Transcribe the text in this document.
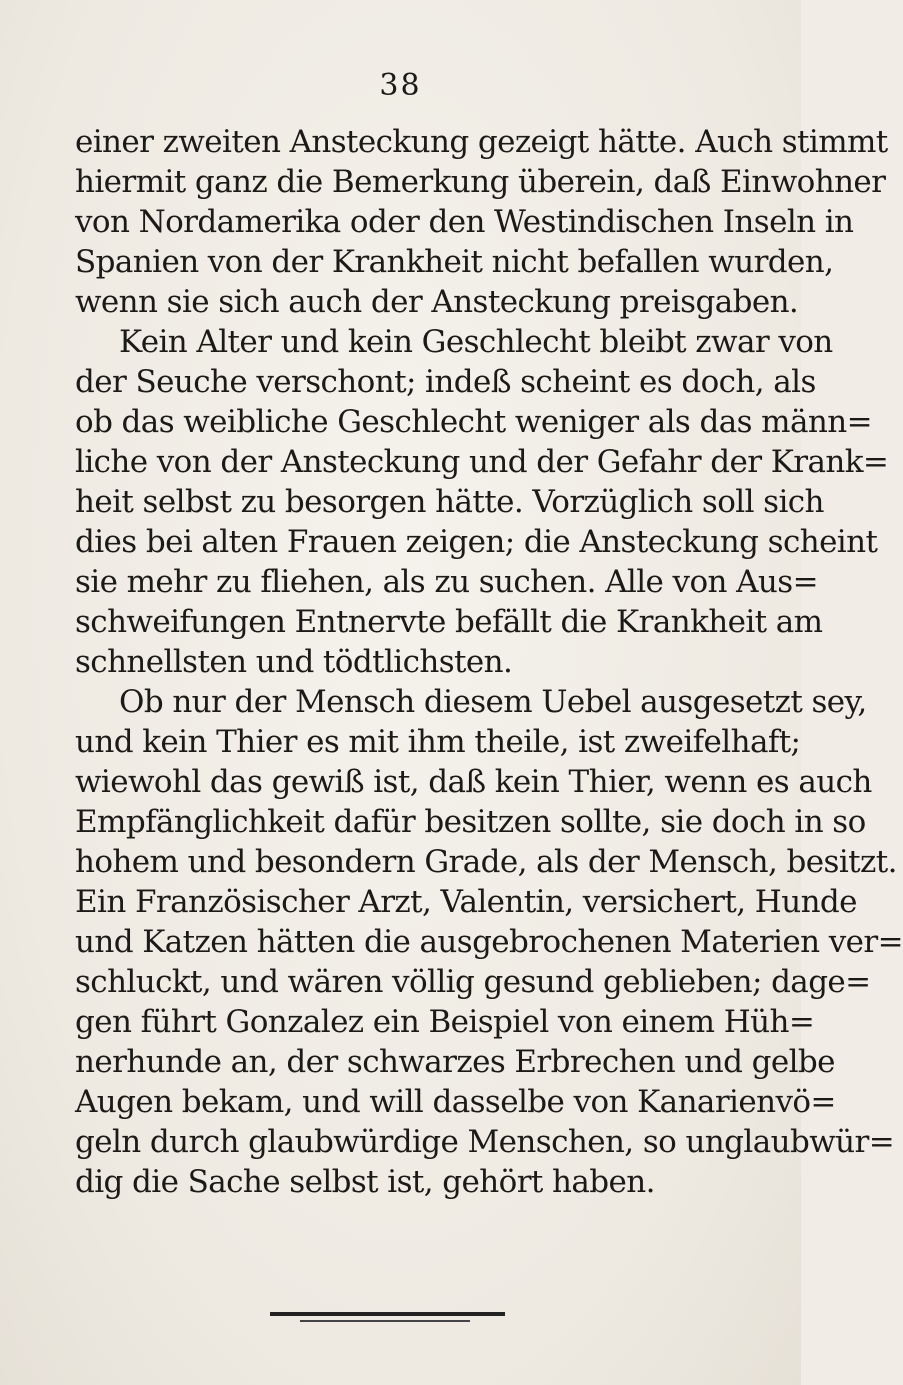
38
einer zweiten Ansteckung gezeigt hätte. Auch stimmt
hiermit ganz die Bemerkung überein, daß Einwohner
von Nordamerika oder den Westindischen Inseln in
Spanien von der Krankheit nicht befallen wurden,
wenn sie sich auch der Ansteckung preisgaben.
Kein Alter und kein Geschlecht bleibt zwar von
der Seuche verschont; indeß scheint es doch, als
ob das weibliche Geschlecht weniger als das männ=
liche von der Ansteckung und der Gefahr der Krank=
heit selbst zu besorgen hätte. Vorzüglich soll sich
dies bei alten Frauen zeigen; die Ansteckung scheint
sie mehr zu fliehen, als zu suchen. Alle von Aus=
schweifungen Entnervte befällt die Krankheit am
schnellsten und tödtlichsten.
Ob nur der Mensch diesem Uebel ausgesetzt sey,
und kein Thier es mit ihm theile, ist zweifelhaft;
wiewohl das gewiß ist, daß kein Thier, wenn es auch
Empfänglichkeit dafür besitzen sollte, sie doch in so
hohem und besondern Grade, als der Mensch, besitzt.
Ein Französischer Arzt, Valentin, versichert, Hunde
und Katzen hätten die ausgebrochenen Materien ver=
schluckt, und wären völlig gesund geblieben; dage=
gen führt Gonzalez ein Beispiel von einem Hüh=
nerhunde an, der schwarzes Erbrechen und gelbe
Augen bekam, und will dasselbe von Kanarienvö=
geln durch glaubwürdige Menschen, so unglaubwür=
dig die Sache selbst ist, gehört haben.
